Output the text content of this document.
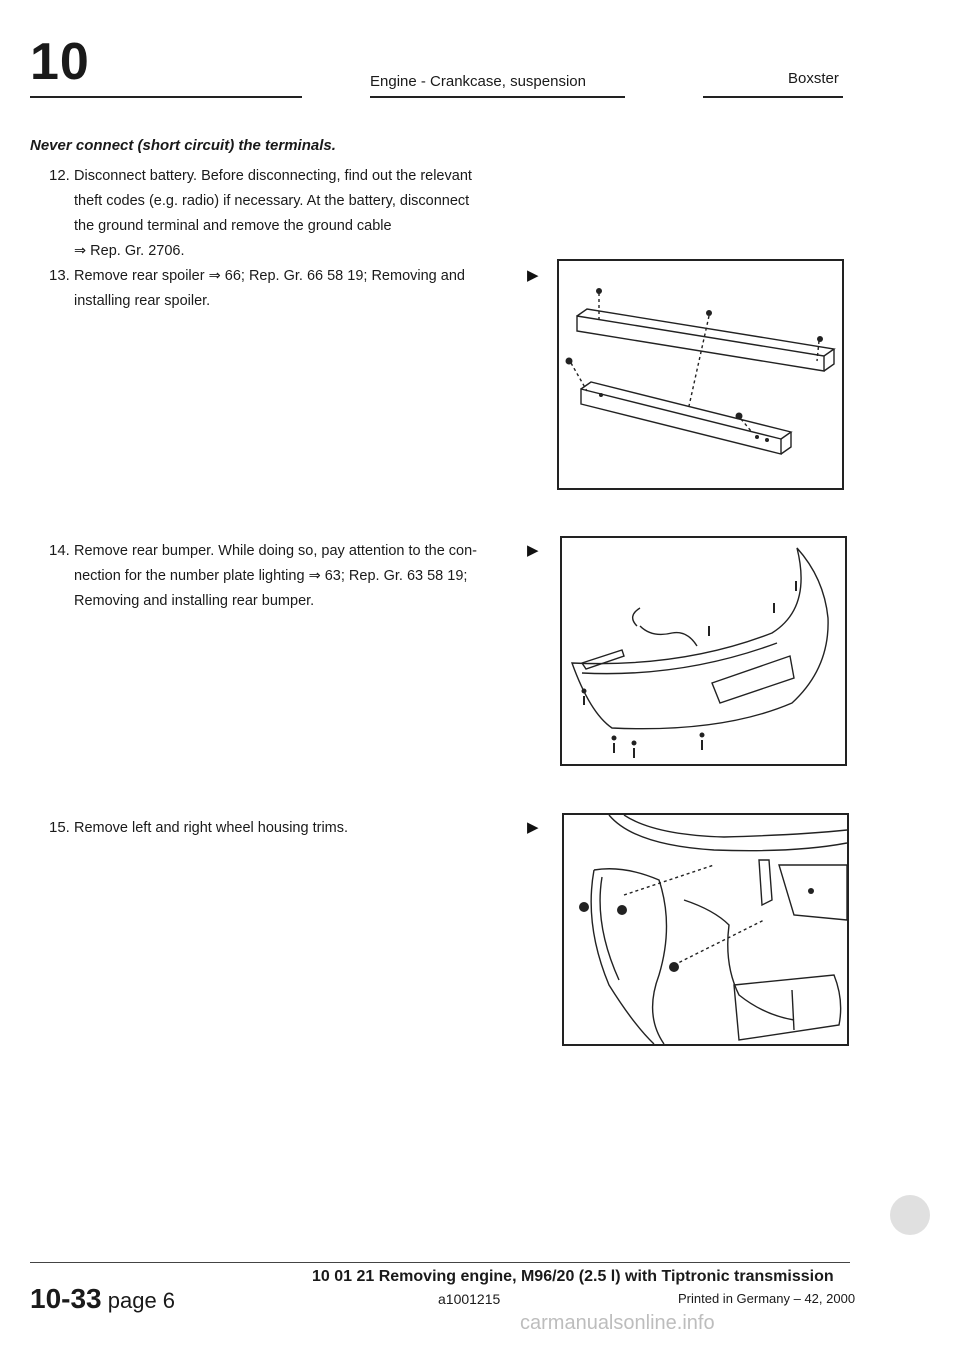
10	Engine - Crankcase, suspension	Boxster
Never connect (short circuit) the terminals.
12. Disconnect battery. Before disconnecting, find out the relevant
theft codes (e.g. radio) if necessary. At the battery, disconnect
the ground terminal and remove the ground cable
⇒ Rep. Gr. 2706.
13. Remove rear spoiler ⇒ 66; Rep. Gr. 66 58 19; Removing and
installing rear spoiler.
▶
14. Remove rear bumper. While doing so, pay attention to the con-
nection for the number plate lighting ⇒ 63; Rep. Gr. 63 58 19;
Removing and installing rear bumper.
▶
15. Remove left and right wheel housing trims.	▶
10-33 page 6
10 01 21 Removing engine, M96/20 (2.5 l) with Tiptronic transmission
a1001215	Printed in Germany – 42, 2000
carmanualsonline.info
